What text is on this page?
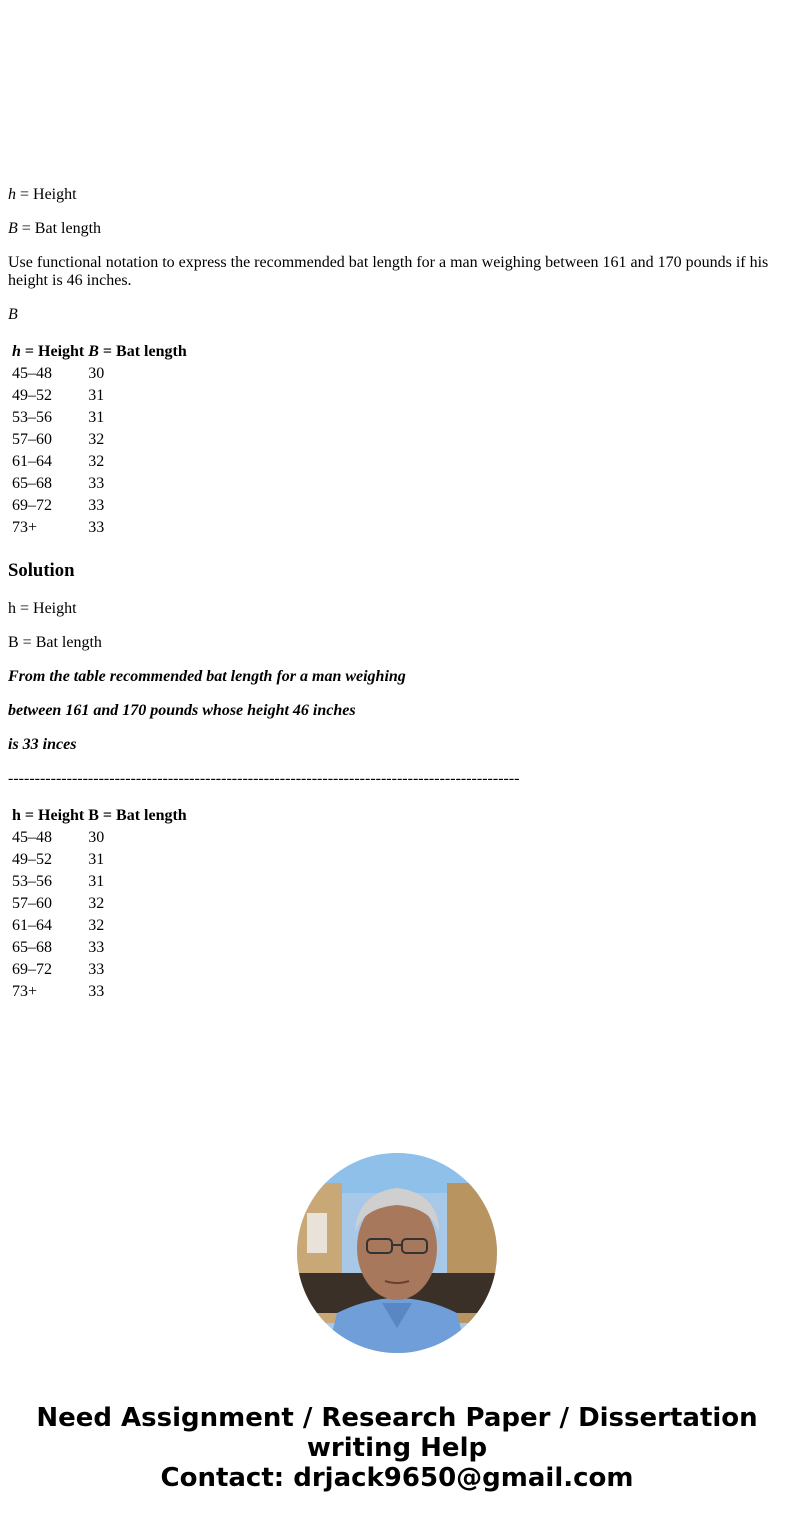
h = Height

B = Bat length

Use functional notation to express the recommended bat length for a man weighing between 161 and 170 pounds if his height is 46 inches.

B

h = Height	B = Bat length
45–48	30
49–52	31
53–56	31
57–60	32
61–64	32
65–68	33
69–72	33
73+	33
Solution

h = Height

B = Bat length

From the table recommended bat length for a man weighing

between 161 and 170 pounds whose height 46 inches

is 33 inces

------------------------------------------------------------------------------------------------

h = Height	B = Bat length
45–48	30
49–52	31
53–56	31
57–60	32
61–64	32
65–68	33
69–72	33
73+	33
Need Assignment / Research Paper / Dissertation writing Help
Contact: drjack9650@gmail.com
